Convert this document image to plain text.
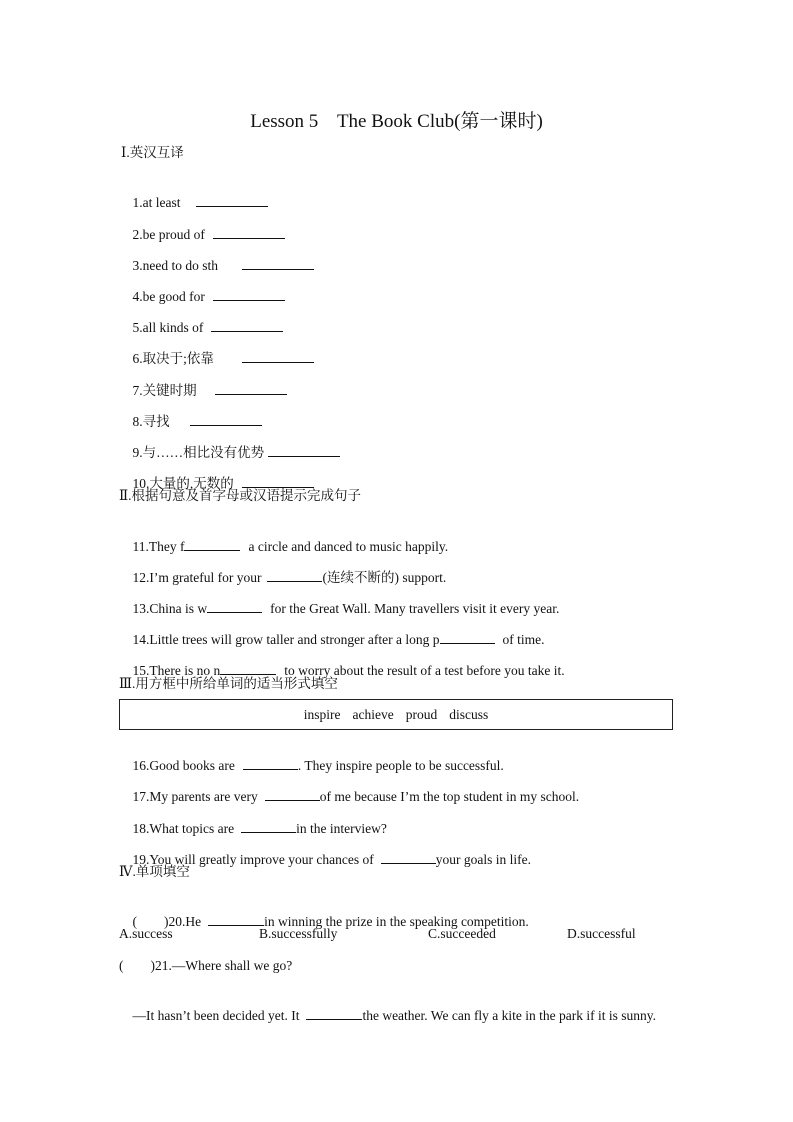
Lesson 5    The Book Club(第一课时)
Ⅰ.英汉互译

1.at least

2.be proud of

3.need to do sth

4.be good for

5.all kinds of

6.取决于;依靠

7.关键时期

8.寻找

9.与……相比没有优势

10.大量的,无数的

Ⅱ.根据句意及首字母或汉语提示完成句子

11.They f	a circle and danced to music happily.

12.I’m grateful for your	(连续不断的) support.

13.China is w	for the Great Wall. Many travellers visit it every year.

14.Little trees will grow taller and stronger after a long p	of time.

15.There is no n	to worry about the result of a test before you take it.

Ⅲ.用方框中所给单词的适当形式填空
inspire achieve proud discuss

16.Good books are	. They inspire people to be successful.

17.My parents are very	of me because I’m the top student in my school.

18.What topics are	in the interview?

19.You will greatly improve your chances of	your goals in life.

Ⅳ.单项填空

(        )20.He	in winning the prize in the speaking competition.

A.success	B.successfully	C.succeeded	D.successful
(        )21.—Where shall we go?

—It hasn’t been decided yet. It	the weather. We can fly a kite in the park if it is sunny.
